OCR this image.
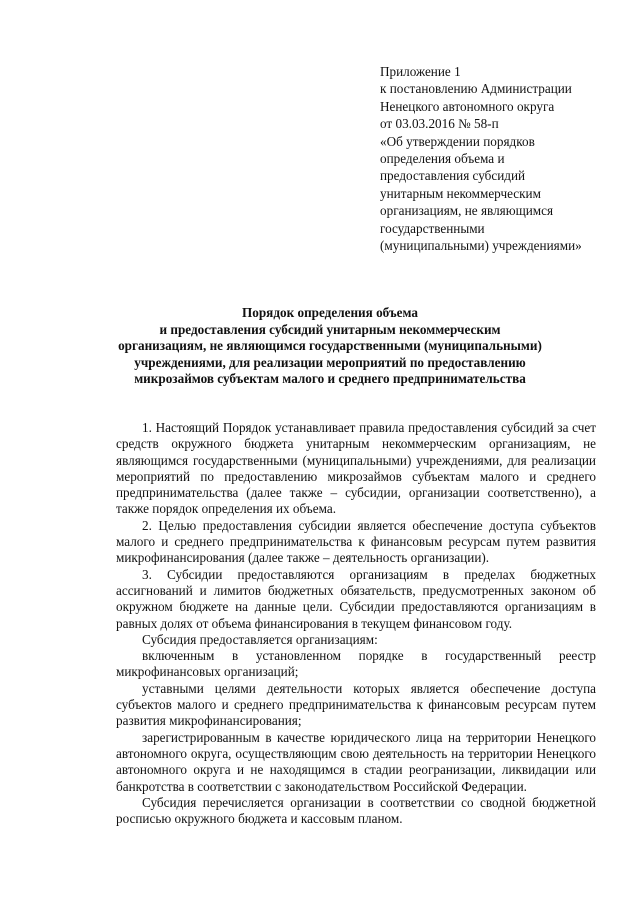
Приложение 1
к постановлению Администрации
Ненецкого автономного округа
от 03.03.2016 № 58-п
«Об утверждении порядков
определения объема и
предоставления субсидий
унитарным некоммерческим
организациям, не являющимся
государственными
(муниципальными) учреждениями»
Порядок определения объема
и предоставления субсидий унитарным некоммерческим
организациям, не являющимся государственными (муниципальными)
учреждениями, для реализации мероприятий по предоставлению
микрозаймов субъектам малого и среднего предпринимательства

1. Настоящий Порядок устанавливает правила предоставления субсидий за счет средств окружного бюджета унитарным некоммерческим организациям, не являющимся государственными (муниципальными) учреждениями, для реализации мероприятий по предоставлению микрозаймов субъектам малого и среднего предпринимательства (далее также – субсидии, организации соответственно), а также порядок определения их объема.

2. Целью предоставления субсидии является обеспечение доступа субъектов малого и среднего предпринимательства к финансовым ресурсам путем развития микрофинансирования (далее также – деятельность организации).

3. Субсидии предоставляются организациям в пределах бюджетных ассигнований и лимитов бюджетных обязательств, предусмотренных законом об окружном бюджете на данные цели. Субсидии предоставляются организациям в равных долях от объема финансирования в текущем финансовом году.

Субсидия предоставляется организациям:

включенным в установленном порядке в государственный реестр микрофинансовых организаций;

уставными целями деятельности которых является обеспечение доступа субъектов малого и среднего предпринимательства к финансовым ресурсам путем развития микрофинансирования;

зарегистрированным в качестве юридического лица на территории Ненецкого автономного округа, осуществляющим свою деятельность на территории Ненецкого автономного округа и не находящимся в стадии реогранизации, ликвидации или банкротства в соответствии с законодательством Российской Федерации.

Субсидия перечисляется организации в соответствии со сводной бюджетной росписью окружного бюджета и кассовым планом.
